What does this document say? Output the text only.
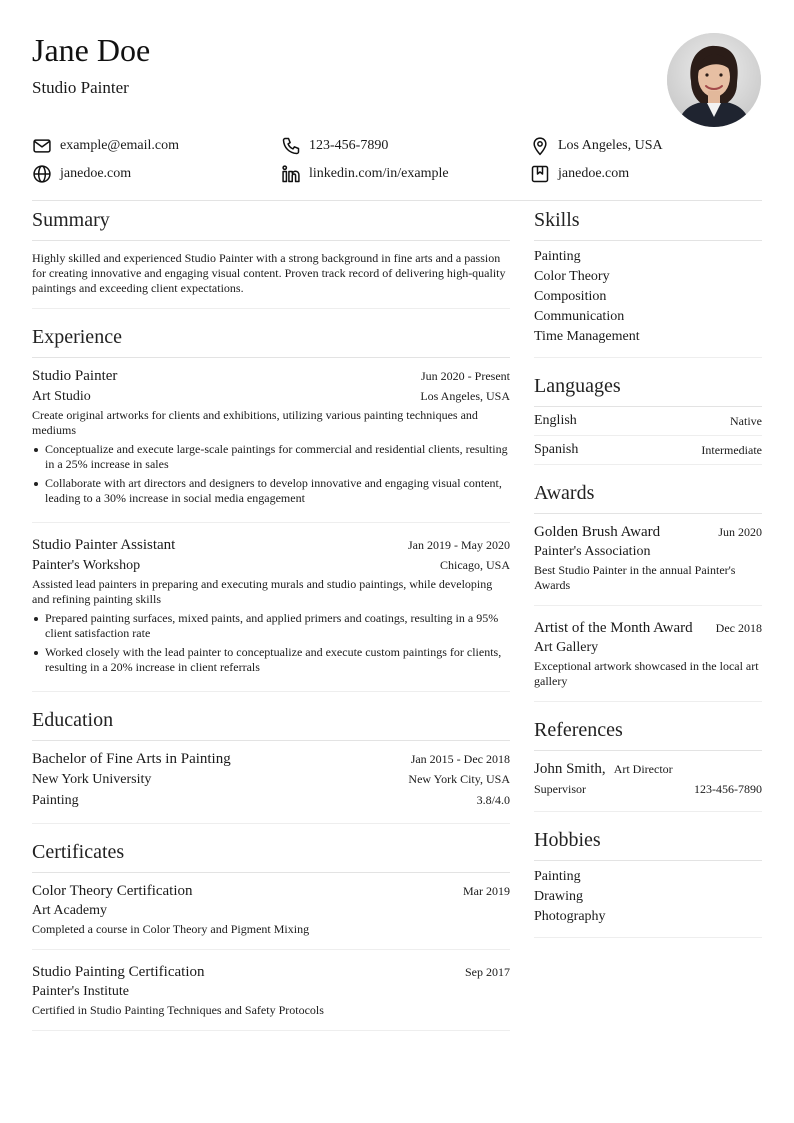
Jane Doe
Studio Painter
example@email.com	123-456-7890	Los Angeles, USA
janedoe.com	linkedin.com/in/example	janedoe.com
Summary
Highly skilled and experienced Studio Painter with a strong background in fine arts and a passion for creating innovative and engaging visual content. Proven track record of delivering high-quality paintings and exceeding client expectations.
Experience
Studio Painter	Jun 2020 - Present
Art Studio	Los Angeles, USA
Create original artworks for clients and exhibitions, utilizing various painting techniques and mediums
Conceptualize and execute large-scale paintings for commercial and residential clients, resulting in a 25% increase in sales
Collaborate with art directors and designers to develop innovative and engaging visual content, leading to a 30% increase in social media engagement
Studio Painter Assistant	Jan 2019 - May 2020
Painter's Workshop	Chicago, USA
Assisted lead painters in preparing and executing murals and studio paintings, while developing and refining painting skills
Prepared painting surfaces, mixed paints, and applied primers and coatings, resulting in a 95% client satisfaction rate
Worked closely with the lead painter to conceptualize and execute custom paintings for clients, resulting in a 20% increase in client referrals
Education
Bachelor of Fine Arts in Painting	Jan 2015 - Dec 2018
New York University	New York City, USA
Painting	3.8/4.0
Certificates
Color Theory Certification	Mar 2019
Art Academy
Completed a course in Color Theory and Pigment Mixing
Studio Painting Certification	Sep 2017
Painter's Institute
Certified in Studio Painting Techniques and Safety Protocols
Skills
Painting
Color Theory
Composition
Communication
Time Management
Languages
English	Native
Spanish	Intermediate
Awards
Golden Brush Award	Jun 2020
Painter's Association
Best Studio Painter in the annual Painter's Awards
Artist of the Month Award Dec 2018
Art Gallery
Exceptional artwork showcased in the local art gallery
References
John Smith, Art Director
Supervisor	123-456-7890
Hobbies
Painting
Drawing
Photography
